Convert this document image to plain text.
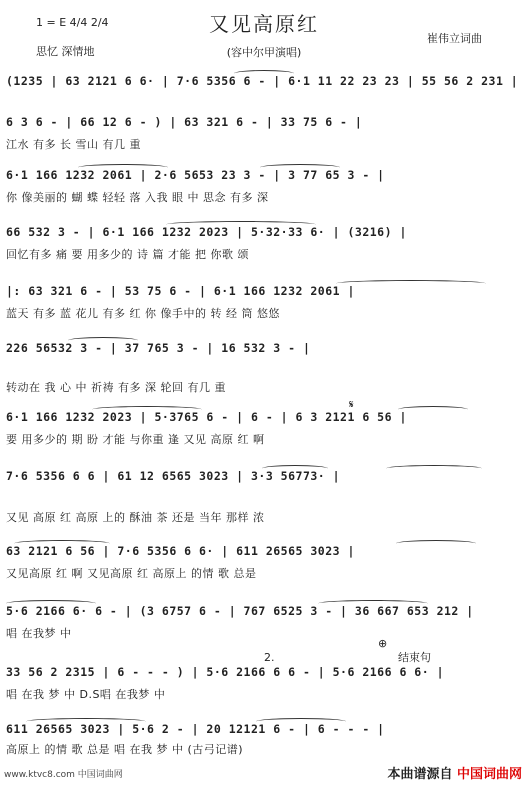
1 = E 4/4 2/4
思忆 深情地
又见高原红
(容中尔甲演唱)
崔伟立词曲
(1235 | 63 2121 6 6· | 7·6 5356 6 - | 6·1 11 22 23 23 | 55 56 2 231 |
6 3 6 - | 66 12 6 - ) | 63 321 6 - | 33 75 6 - |
江水 有多 长 雪山 有几 重
6·1 166 1232 2061 | 2·6 5653 23 3 - | 3 77 65 3 - |
你 像美丽的 蝴 蝶 轻轻 落 入我 眼 中 思念 有多 深
66 532 3 - | 6·1 166 1232 2023 | 5·32·33 6· | (3216) |
回忆有多 痛 要 用多少的 诗 篇 才能 把 你歌 颂
|: 63 321 6 - | 53 75 6 - | 6·1 166 1232 2061 |
蓝天 有多 蓝 花儿 有多 红 你 像手中的 转 经 筒 悠悠
226 56532 3 - | 37 765 3 - | 16 532 3 - |
转动在 我 心 中 祈祷 有多 深 轮回 有几 重
6·1 166 1232 2023 | 5·3765 6 - | 6 - | 6 3 2121 6 56 |
𝄋
要 用多少的 期 盼 才能 与你重 逢 又见 高原 红 啊
7·6 5356 6 6 | 61 12 6565 3023 | 3·3 56773· |
又见 高原 红 高原 上的 酥油 茶 还是 当年 那样 浓
63 2121 6 56 | 7·6 5356 6 6· | 611 26565 3023 |
又见高原 红 啊 又见高原 红 高原上 的情 歌 总是
5·6 2166 6· 6 - | (3 6757 6 - | 767 6525 3 - | 36 667 653 212 |
唱 在我梦 中
33 56 2 2315 | 6 - - - ) | 5·6 2166 6 6 - | 5·6 2166 6 6· |
2.
⊕
结束句
唱 在我 梦 中 D.S唱 在我梦 中
611 26565 3023 | 5·6 2 - | 20 12121 6 - | 6 - - - |
高原上 的情 歌 总是 唱 在我 梦 中 (古弓记谱)
www.ktvc8.com 中国词曲网	本曲谱源自 中国词曲网
